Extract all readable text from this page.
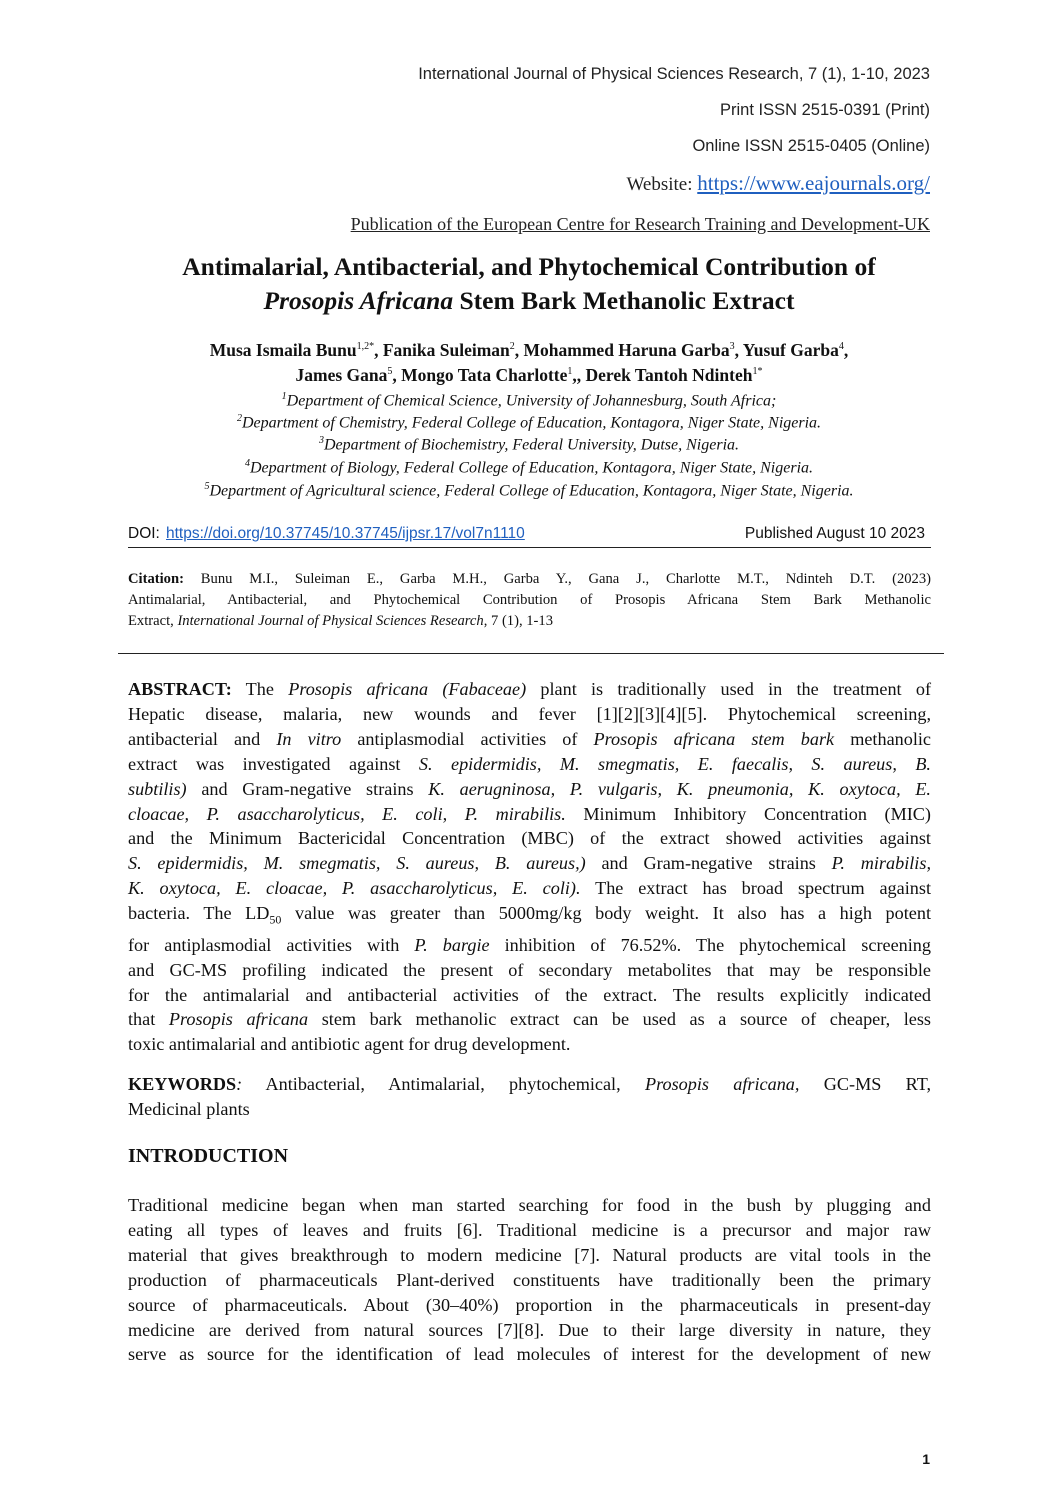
International Journal of Physical Sciences Research, 7 (1), 1-10, 2023
Print ISSN 2515-0391 (Print)
Online ISSN 2515-0405 (Online)
Website: https://www.eajournals.org/
Publication of the European Centre for Research Training and Development-UK
Antimalarial, Antibacterial, and Phytochemical Contribution of
Prosopis Africana Stem Bark Methanolic Extract
Musa Ismaila Bunu$^{1,2*}$, Fanika Suleiman$^2$, Mohammed Haruna Garba$^3$, Yusuf Garba$^4$,
James Gana$^5$, Mongo Tata Charlotte$^1$,, Derek Tantoh Ndinteh$^{1*}$
$^1$Department of Chemical Science, University of Johannesburg, South Africa;
$^2$Department of Chemistry, Federal College of Education, Kontagora, Niger State, Nigeria.
$^3$Department of Biochemistry, Federal University, Dutse, Nigeria.
$^4$Department of Biology, Federal College of Education, Kontagora, Niger State, Nigeria.
$^5$Department of Agricultural science, Federal College of Education, Kontagora, Niger State, Nigeria.
DOI: https://doi.org/10.37745/10.37745/ijpsr.17/vol7n1110	Published August 10 2023
Citation: Bunu M.I., Suleiman E., Garba M.H., Garba Y., Gana J., Charlotte M.T., Ndinteh D.T. (2023)
Antimalarial, Antibacterial, and Phytochemical Contribution of Prosopis Africana Stem Bark Methanolic
Extract, International Journal of Physical Sciences Research, 7 (1), 1-13
ABSTRACT: The Prosopis africana (Fabaceae) plant is traditionally used in the treatment of
Hepatic disease, malaria, new wounds and fever [1][2][3][4][5]. Phytochemical screening,
antibacterial and In vitro antiplasmodial activities of Prosopis africana stem bark methanolic
extract was investigated against S. epidermidis, M. smegmatis, E. faecalis, S. aureus, B.
subtilis) and Gram-negative strains K. aerugninosa, P. vulgaris, K. pneumonia, K. oxytoca, E.
cloacae, P. asaccharolyticus, E. coli, P. mirabilis. Minimum Inhibitory Concentration (MIC)
and the Minimum Bactericidal Concentration (MBC) of the extract showed activities against
S. epidermidis, M. smegmatis, S. aureus, B. aureus,) and Gram-negative strains P. mirabilis,
K. oxytoca, E. cloacae, P. asaccharolyticus, E. coli). The extract has broad spectrum against
bacteria. The $LD_{50}$ value was greater than 5000mg/kg body weight. It also has a high potent
for antiplasmodial activities with P. bargie inhibition of 76.52%. The phytochemical screening
and GC-MS profiling indicated the present of secondary metabolites that may be responsible
for the antimalarial and antibacterial activities of the extract. The results explicitly indicated
that Prosopis africana stem bark methanolic extract can be used as a source of cheaper, less
toxic antimalarial and antibiotic agent for drug development.
KEYWORDS: Antibacterial, Antimalarial, phytochemical, Prosopis africana, GC-MS RT,
Medicinal plants
INTRODUCTION
Traditional medicine began when man started searching for food in the bush by plugging and
eating all types of leaves and fruits [6]. Traditional medicine is a precursor and major raw
material that gives breakthrough to modern medicine [7]. Natural products are vital tools in the
production of pharmaceuticals Plant-derived constituents have traditionally been the primary
source of pharmaceuticals. About (30–40%) proportion in the pharmaceuticals in present-day
medicine are derived from natural sources [7][8]. Due to their large diversity in nature, they
serve as source for the identification of lead molecules of interest for the development of new
1
